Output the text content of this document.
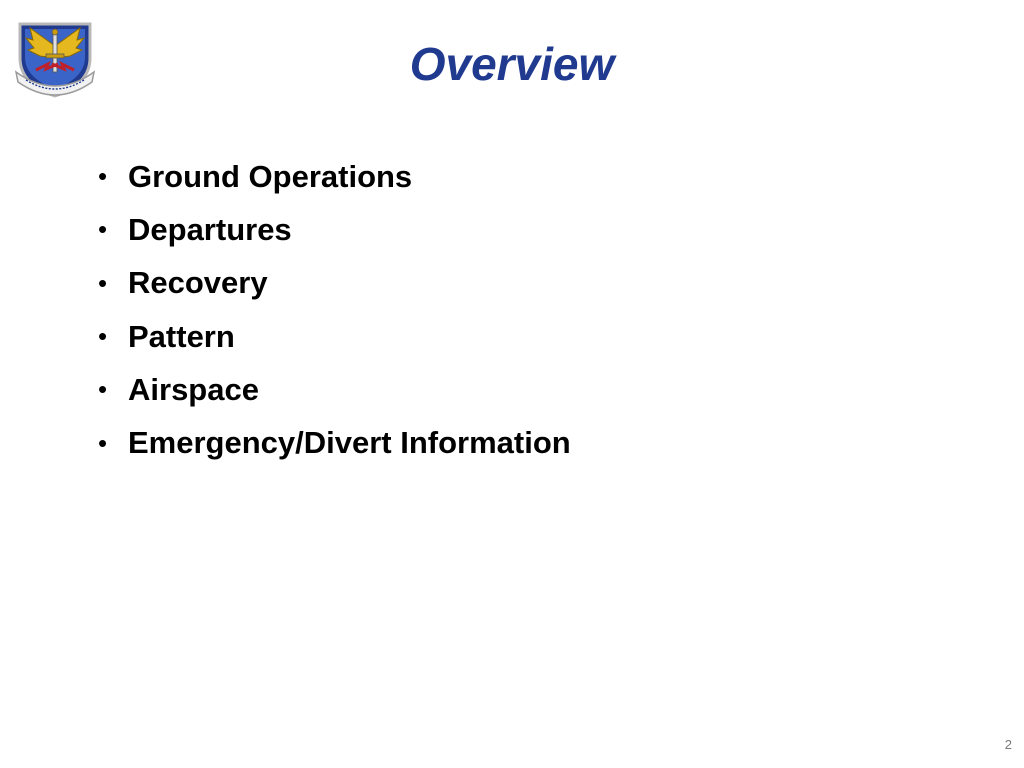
Overview
• Ground Operations
• Departures
• Recovery
• Pattern
• Airspace
• Emergency/Divert Information
2
